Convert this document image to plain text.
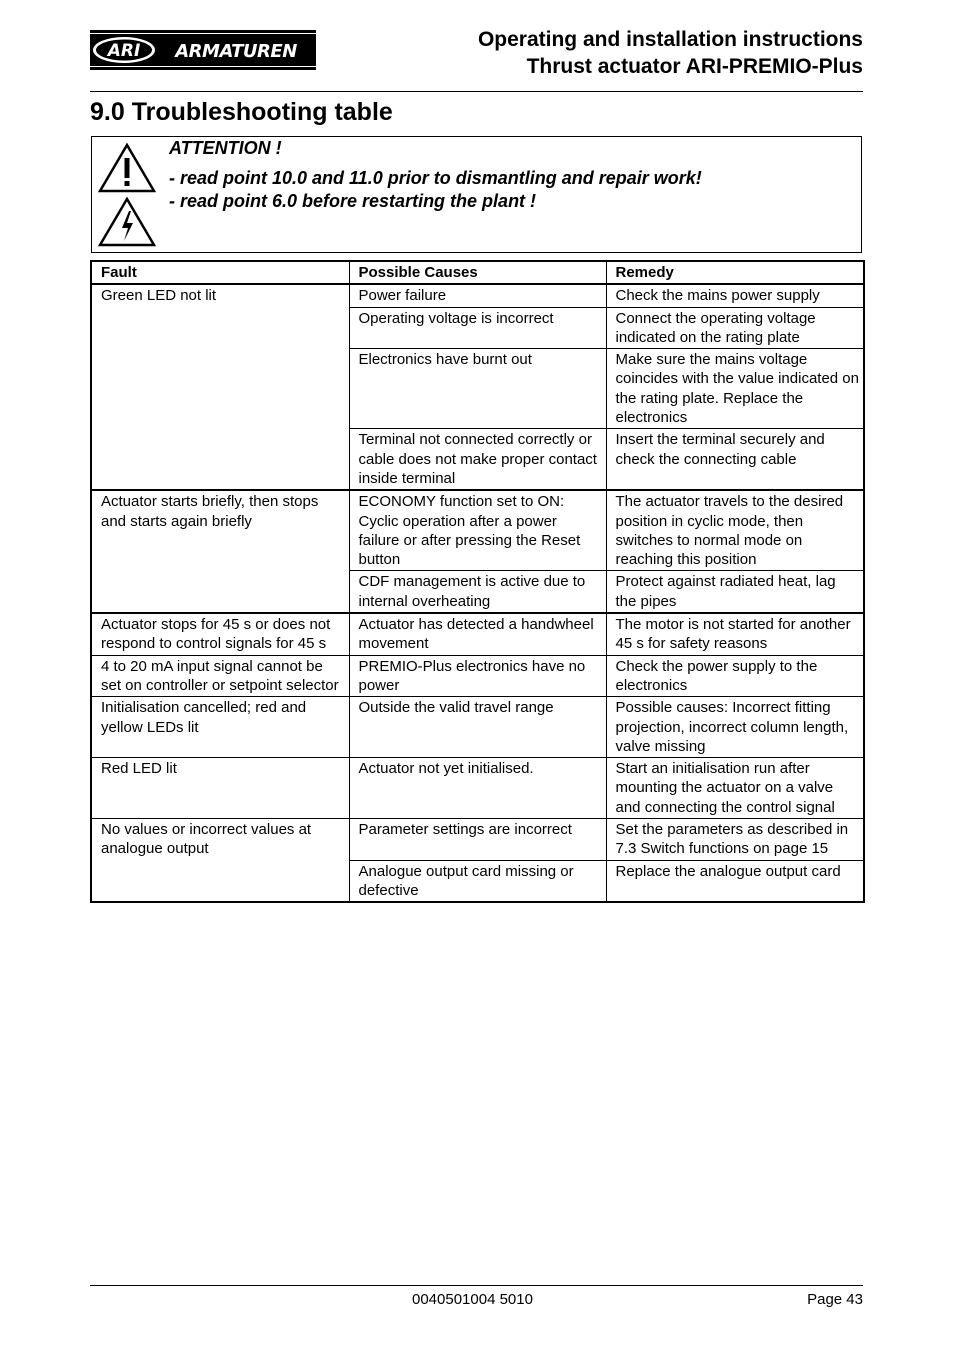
ARI ARMATUREN
Operating and installation instructions
Thrust actuator ARI-PREMIO-Plus
9.0 Troubleshooting table
ATTENTION !
- read point 10.0 and 11.0 prior to dismantling and repair work!
- read point 6.0 before restarting the plant !
Fault	Possible Causes	Remedy
Green LED not lit	Power failure	Check the mains power supply
	Operating voltage is incorrect	Connect the operating voltage indicated on the rating plate
	Electronics have burnt out	Make sure the mains voltage coincides with the value indicated on the rating plate. Replace the electronics
	Terminal not connected correctly or cable does not make proper contact inside terminal	Insert the terminal securely and check the connecting cable
Actuator starts briefly, then stops and starts again briefly	ECONOMY function set to ON: Cyclic operation after a power failure or after pressing the Reset button	The actuator travels to the desired position in cyclic mode, then switches to normal mode on reaching this position
	CDF management is active due to internal overheating	Protect against radiated heat, lag the pipes
Actuator stops for 45 s or does not respond to control signals for 45 s	Actuator has detected a handwheel movement	The motor is not started for another 45 s for safety reasons
4 to 20 mA input signal cannot be set on controller or setpoint selector	PREMIO-Plus electronics have no power	Check the power supply to the electronics
Initialisation cancelled; red and yellow LEDs lit	Outside the valid travel range	Possible causes: Incorrect fitting projection, incorrect column length, valve missing
Red LED lit	Actuator not yet initialised.	Start an initialisation run after mounting the actuator on a valve and connecting the control signal
No values or incorrect values at analogue output	Parameter settings are incorrect	Set the parameters as described in 7.3 Switch functions on page 15
	Analogue output card missing or defective	Replace the analogue output card
0040501004 5010	Page 43
